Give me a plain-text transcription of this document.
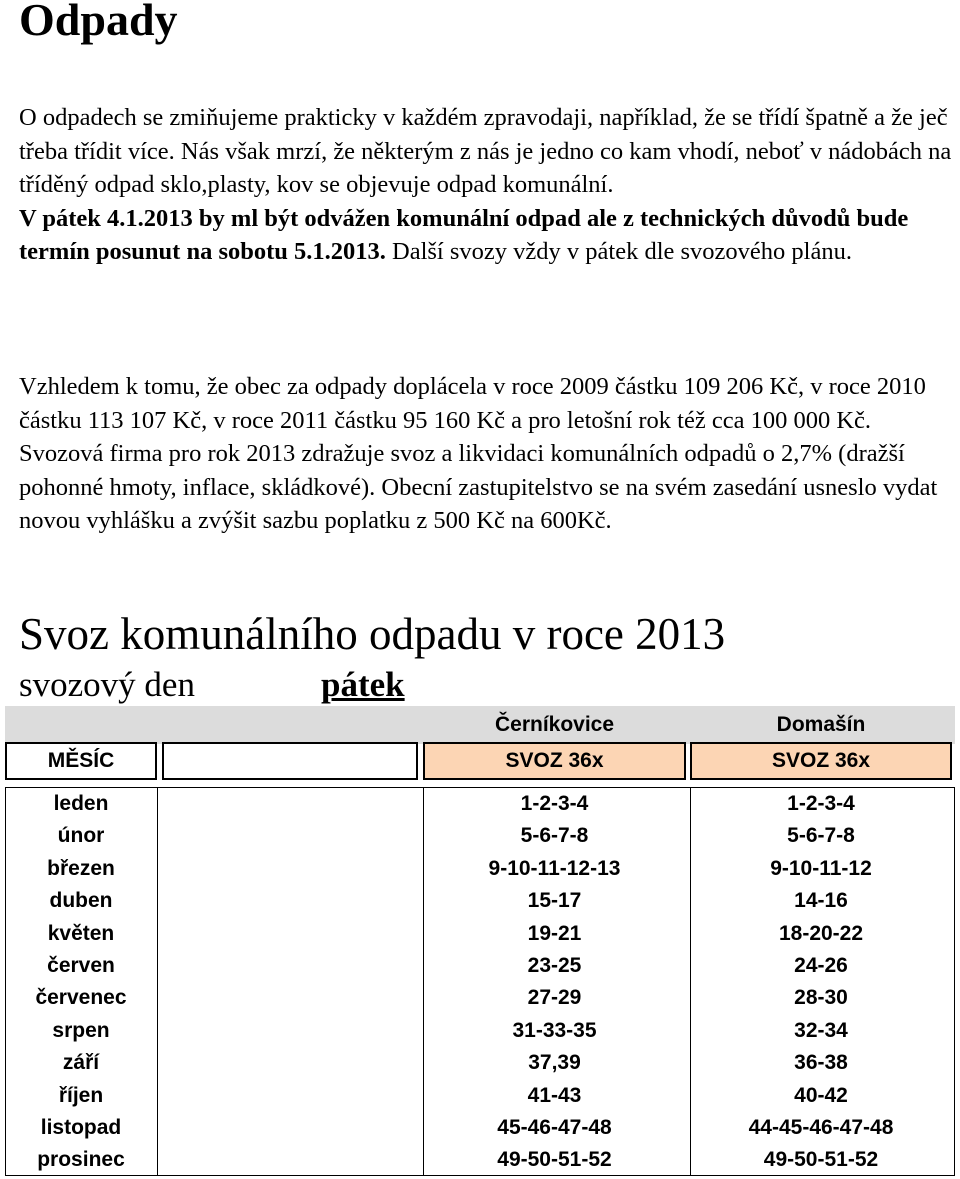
Odpady

O odpadech se zmiňujeme prakticky v každém zpravodaji, například, že se třídí špatně a že ječ třeba třídit více. Nás však mrzí, že některým z nás je jedno co kam vhodí, neboť v nádobách na tříděný odpad sklo,plasty, kov se objevuje odpad komunální.
V pátek 4.1.2013 by ml být odvážen komunální odpad ale z technických důvodů bude termín posunut na sobotu 5.1.2013. Další svozy vždy v pátek dle svozového plánu.

Vzhledem k tomu, že obec za odpady doplácela v roce 2009 částku 109 206 Kč, v roce 2010 částku 113 107 Kč, v roce 2011 částku 95 160 Kč a pro letošní rok též cca 100 000 Kč. Svozová firma pro rok 2013 zdražuje svoz a likvidaci komunálních odpadů o 2,7% (dražší pohonné hmoty, inflace, skládkové). Obecní zastupitelstvo se na svém zasedání usneslo vydat novou vyhlášku a zvýšit sazbu poplatku z 500 Kč na 600Kč.

Svoz komunálního odpadu v roce 2013
svozový den	pátek
Černíkovice	Domašín
MĚSÍC	SVOZ 36x	SVOZ 36x
leden	1-2-3-4	1-2-3-4
únor	5-6-7-8	5-6-7-8
březen	9-10-11-12-13	9-10-11-12
duben	15-17	14-16
květen	19-21	18-20-22
červen	23-25	24-26
červenec	27-29	28-30
srpen	31-33-35	32-34
září	37,39	36-38
říjen	41-43	40-42
listopad	45-46-47-48	44-45-46-47-48
prosinec	49-50-51-52	49-50-51-52
